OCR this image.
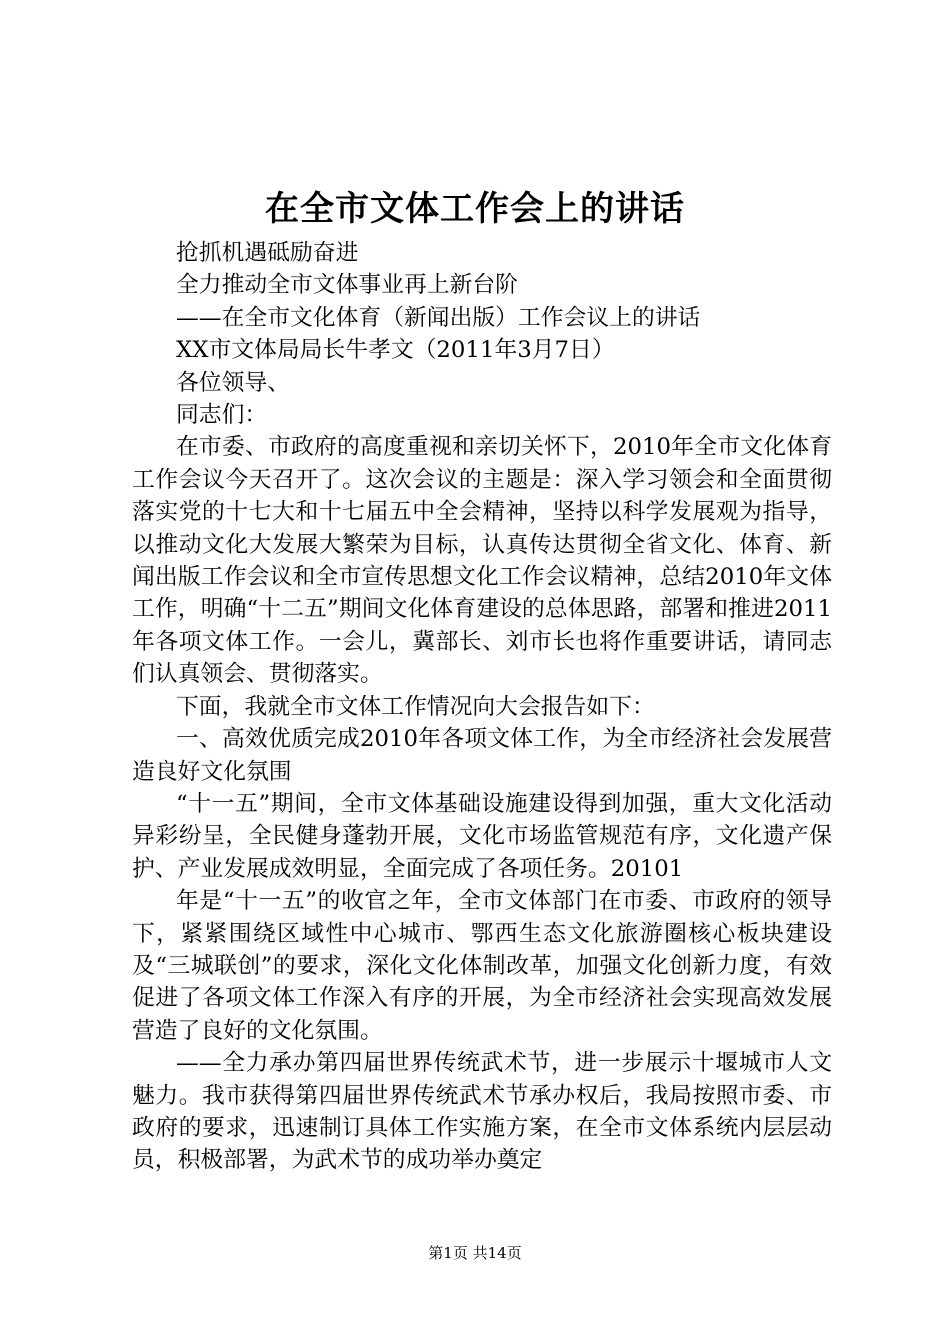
在全市文体工作会上的讲话

抢抓机遇砥励奋进

全力推动全市文体事业再上新台阶

——在全市文化体育（新闻出版）工作会议上的讲话

XX市文体局局长牛孝文（2011年3月7日）

各位领导、

同志们：

在市委、市政府的高度重视和亲切关怀下，2010年全市文化体育工作会议今天召开了。这次会议的主题是：深入学习领会和全面贯彻落实党的十七大和十七届五中全会精神，坚持以科学发展观为指导，以推动文化大发展大繁荣为目标，认真传达贯彻全省文化、体育、新闻出版工作会议和全市宣传思想文化工作会议精神，总结2010年文体工作，明确“十二五”期间文化体育建设的总体思路，部署和推进2011年各项文体工作。一会儿，冀部长、刘市长也将作重要讲话，请同志们认真领会、贯彻落实。

下面，我就全市文体工作情况向大会报告如下：

一、高效优质完成2010年各项文体工作，为全市经济社会发展营造良好文化氛围

“十一五”期间，全市文体基础设施建设得到加强，重大文化活动异彩纷呈，全民健身蓬勃开展，文化市场监管规范有序，文化遗产保护、产业发展成效明显，全面完成了各项任务。20101

年是“十一五”的收官之年，全市文体部门在市委、市政府的领导下，紧紧围绕区域性中心城市、鄂西生态文化旅游圈核心板块建设及“三城联创”的要求，深化文化体制改革，加强文化创新力度，有效促进了各项文体工作深入有序的开展，为全市经济社会实现高效发展营造了良好的文化氛围。

——全力承办第四届世界传统武术节，进一步展示十堰城市人文魅力。我市获得第四届世界传统武术节承办权后，我局按照市委、市政府的要求，迅速制订具体工作实施方案，在全市文体系统内层层动员，积极部署，为武术节的成功举办奠定

第1页 共14页
